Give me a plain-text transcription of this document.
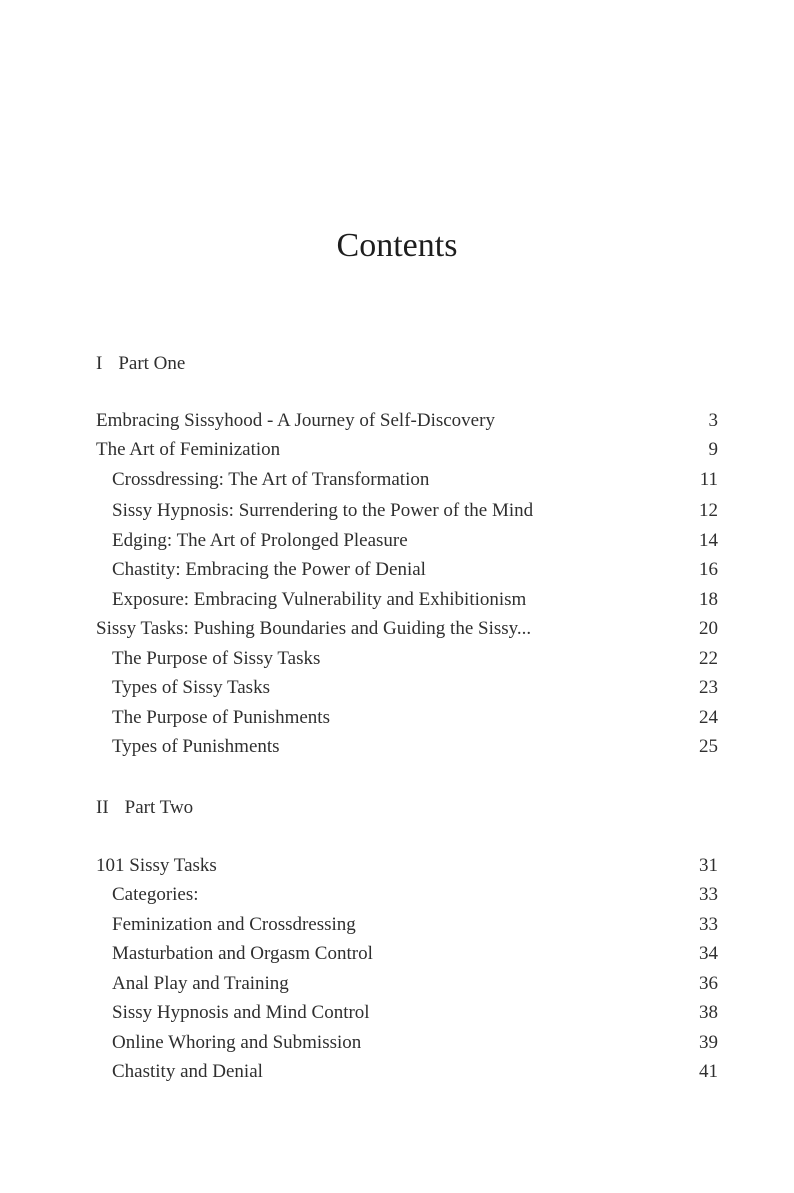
Contents
I Part One
Embracing Sissyhood - A Journey of Self-Discovery	3
The Art of Feminization	9
Crossdressing: The Art of Transformation	11
Sissy Hypnosis: Surrendering to the Power of the Mind	12
Edging: The Art of Prolonged Pleasure	14
Chastity: Embracing the Power of Denial	16
Exposure: Embracing Vulnerability and Exhibitionism	18
Sissy Tasks: Pushing Boundaries and Guiding the Sissy...	20
The Purpose of Sissy Tasks	22
Types of Sissy Tasks	23
The Purpose of Punishments	24
Types of Punishments	25
II Part Two
101 Sissy Tasks	31
Categories:	33
Feminization and Crossdressing	33
Masturbation and Orgasm Control	34
Anal Play and Training	36
Sissy Hypnosis and Mind Control	38
Online Whoring and Submission	39
Chastity and Denial	41
